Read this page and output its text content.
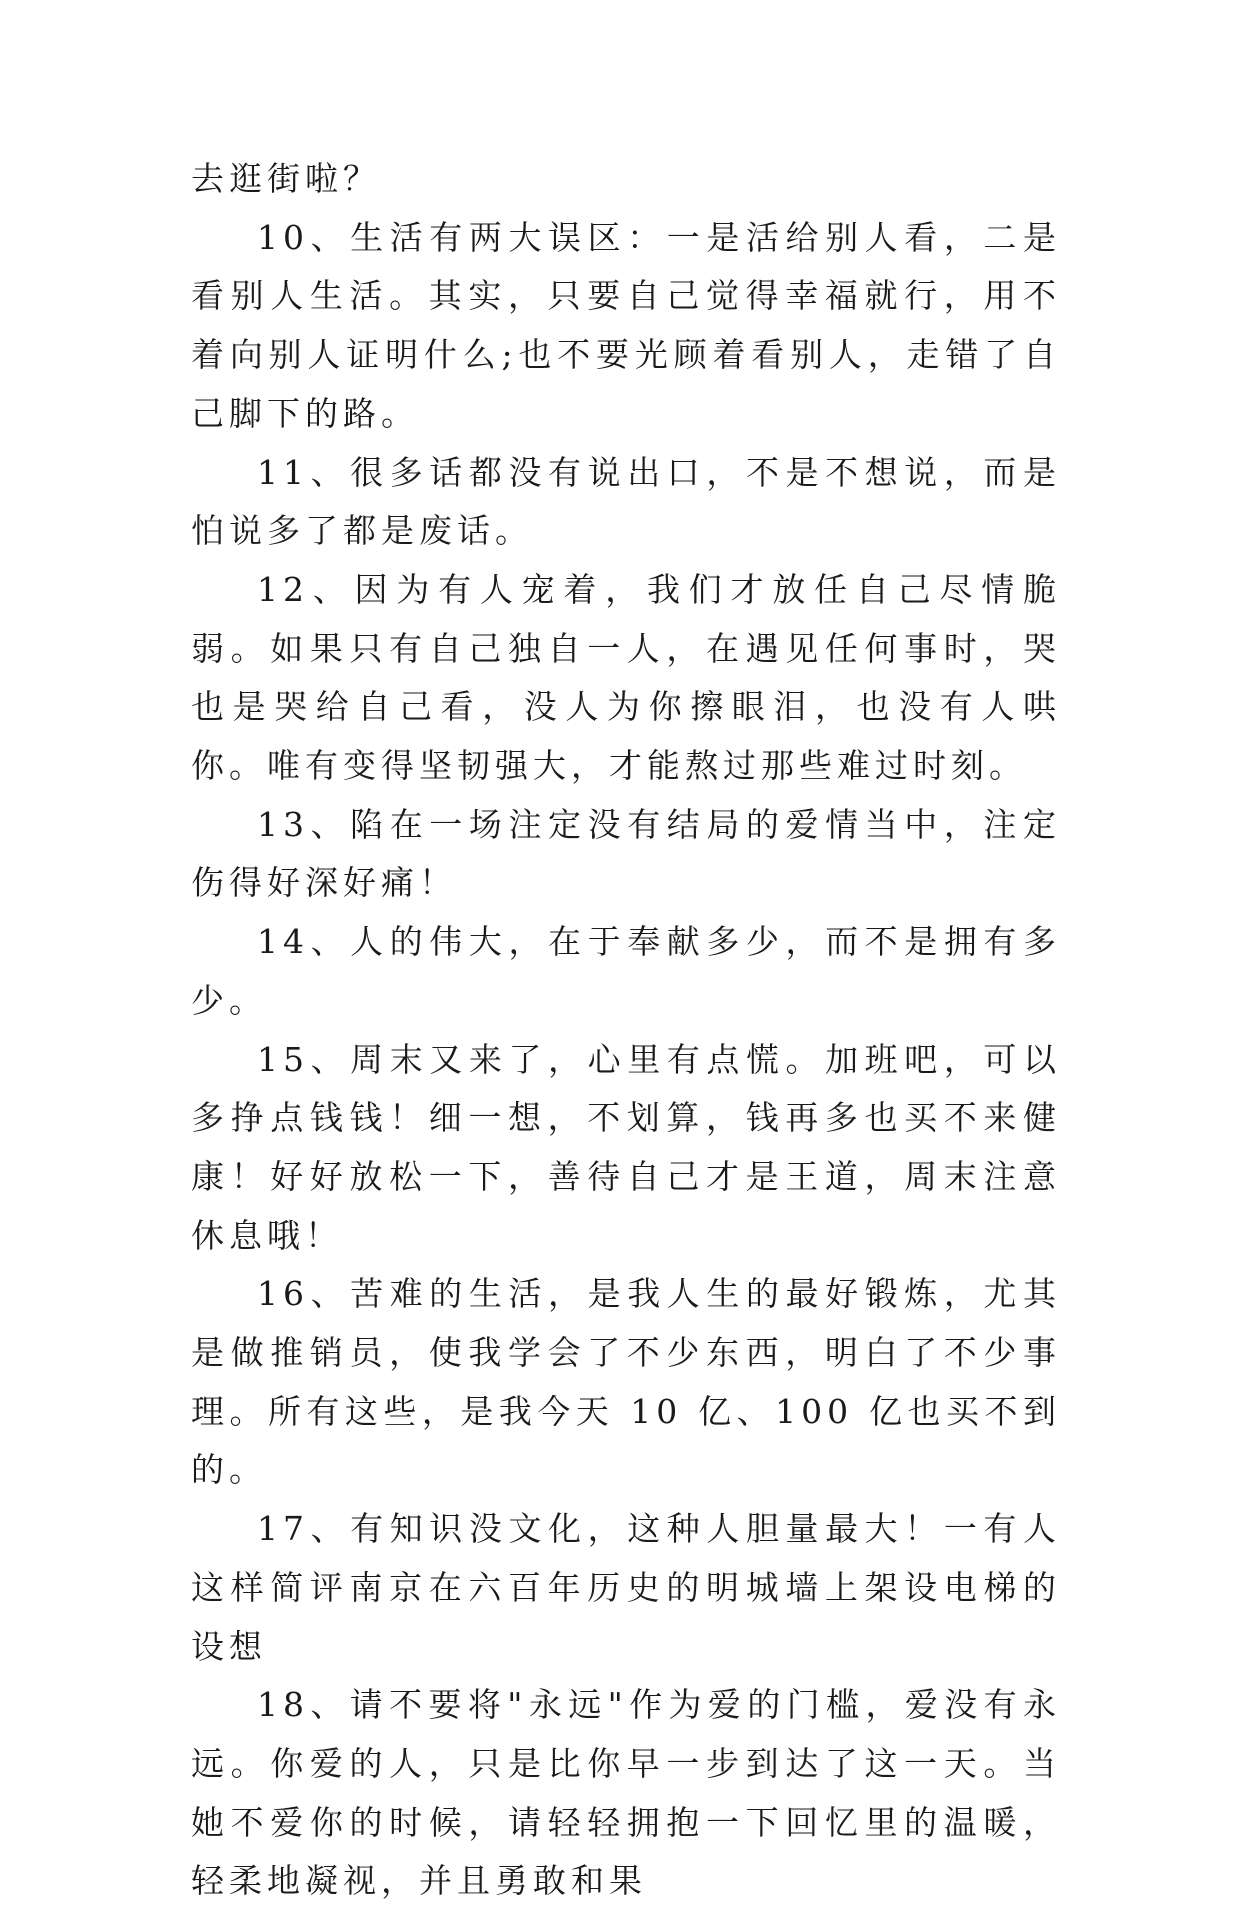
去逛街啦？

10、生活有两大误区：一是活给别人看，二是看别人生活。其实，只要自己觉得幸福就行，用不着向别人证明什么;也不要光顾着看别人，走错了自己脚下的路。

11、很多话都没有说出口，不是不想说，而是怕说多了都是废话。

12、因为有人宠着，我们才放任自己尽情脆弱。如果只有自己独自一人，在遇见任何事时，哭也是哭给自己看，没人为你擦眼泪，也没有人哄你。唯有变得坚韧强大，才能熬过那些难过时刻。

13、陷在一场注定没有结局的爱情当中，注定伤得好深好痛！

14、人的伟大，在于奉献多少，而不是拥有多少。

15、周末又来了，心里有点慌。加班吧，可以多挣点钱钱！细一想，不划算，钱再多也买不来健康！好好放松一下，善待自己才是王道，周末注意休息哦！

16、苦难的生活，是我人生的最好锻炼，尤其是做推销员，使我学会了不少东西，明白了不少事理。所有这些，是我今天 10 亿、100 亿也买不到的。

17、有知识没文化，这种人胆量最大！一有人这样简评南京在六百年历史的明城墙上架设电梯的设想

18、请不要将"永远"作为爱的门槛，爱没有永远。你爱的人，只是比你早一步到达了这一天。当她不爱你的时候，请轻轻拥抱一下回忆里的温暖，轻柔地凝视，并且勇敢和果
